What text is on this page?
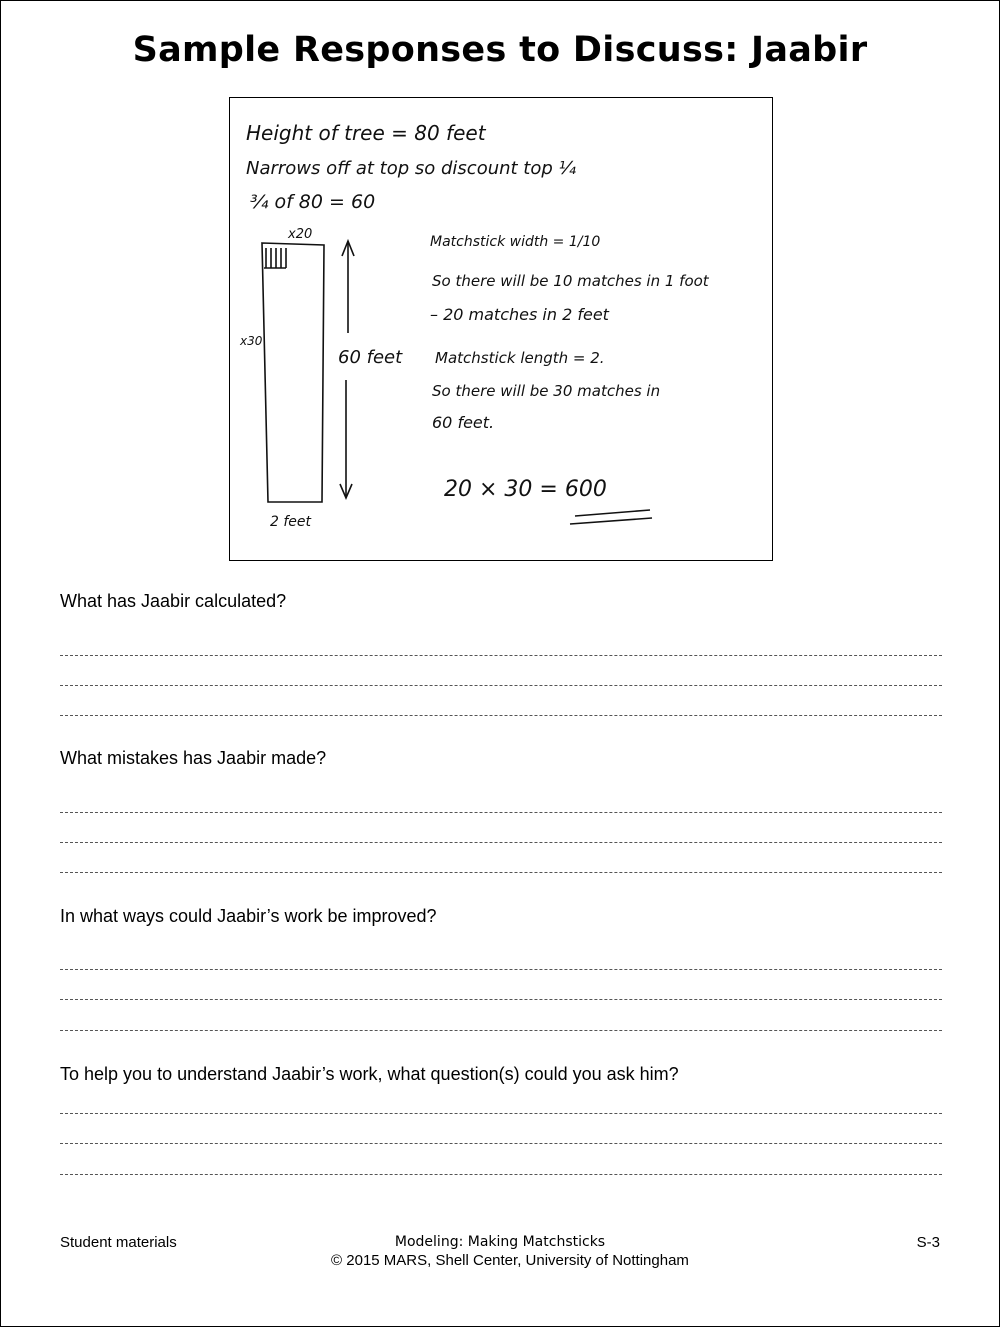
Sample Responses to Discuss: Jaabir
Height of tree = 80 feet
Narrows off at top so discount top ¼
¾ of 80 = 60
x20
x30
60 feet
2 feet
Matchstick width = 1/10
So there will be 10 matches in 1 foot
– 20 matches in 2 feet
Matchstick length = 2.
So there will be 30 matches in
60 feet.
20 × 30 = 600
What has Jaabir calculated?
What mistakes has Jaabir made?
In what ways could Jaabir’s work be improved?
To help you to understand Jaabir’s work, what question(s) could you ask him?
Student materials	Modeling: Making Matchsticks
© 2015 MARS, Shell Center, University of Nottingham
S-3
